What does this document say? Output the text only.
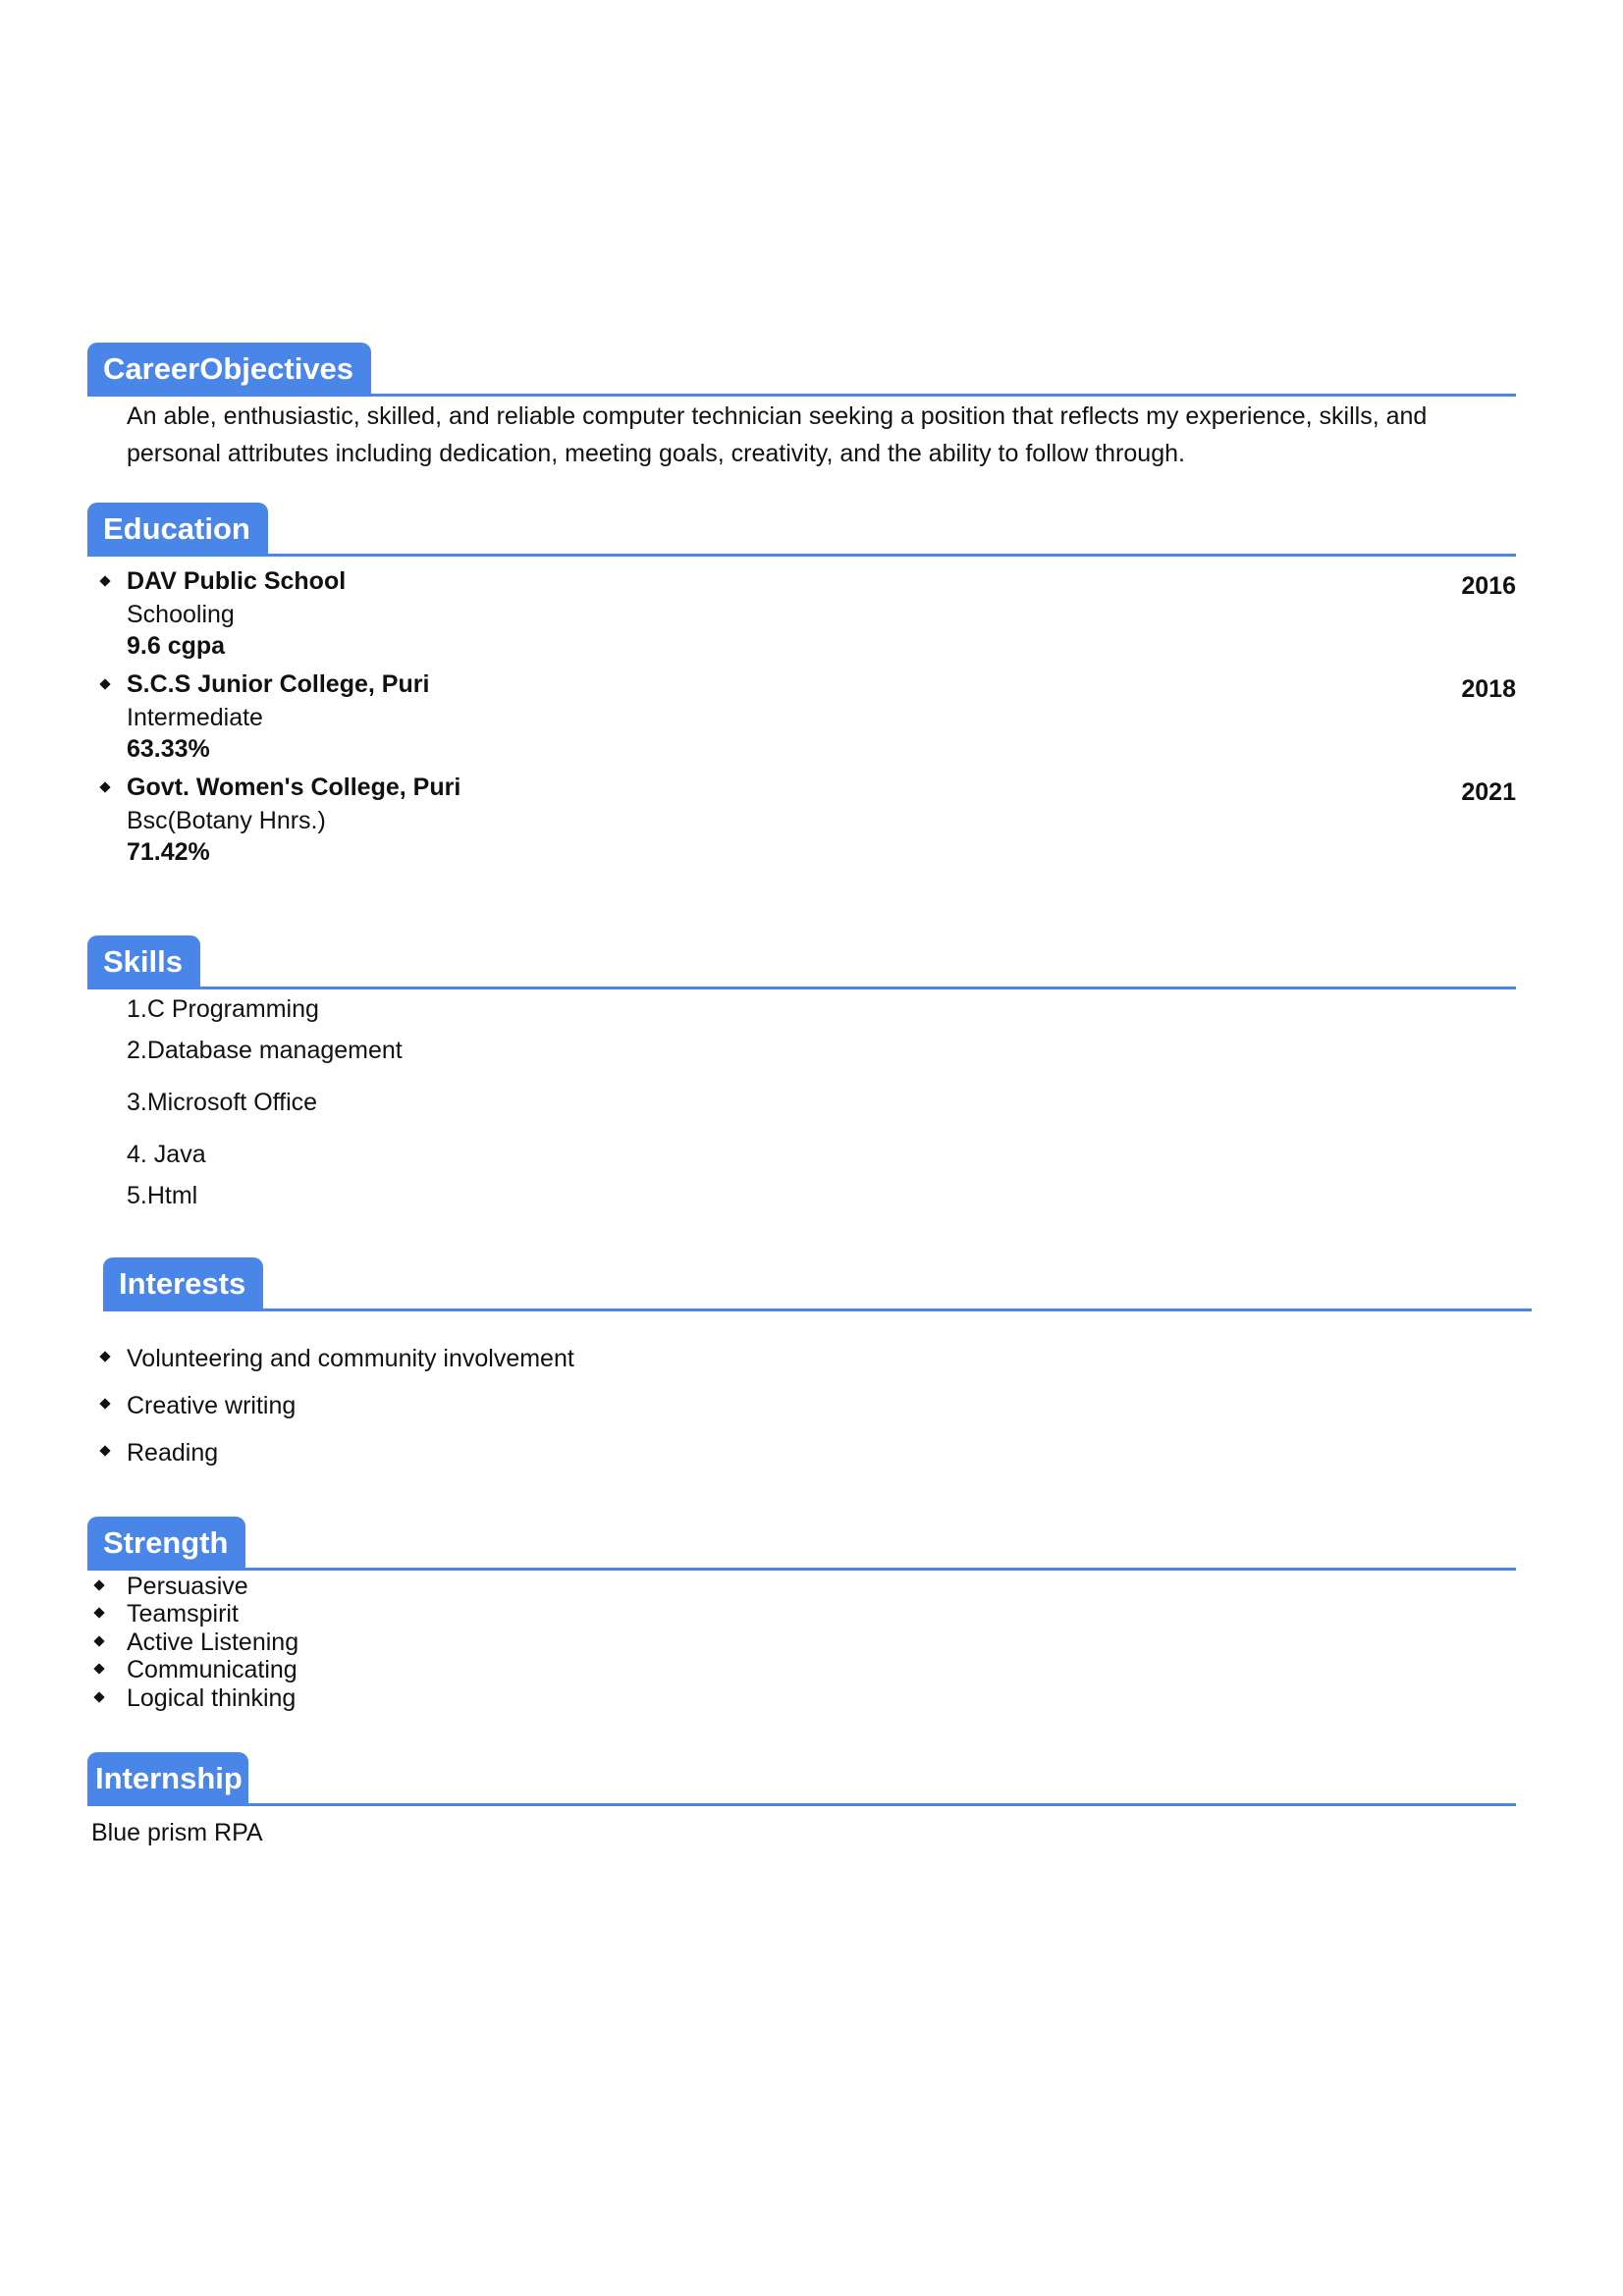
CareerObjectives
An able, enthusiastic, skilled, and reliable computer technician seeking a position that reflects my experience, skills, and
personal attributes including dedication, meeting goals, creativity, and the ability to follow through.
Education
DAV Public School
Schooling
9.6 cgpa
2016
S.C.S Junior College, Puri
Intermediate
63.33%
2018
Govt. Women's College, Puri
Bsc(Botany Hnrs.)
71.42%
2021
Skills
1.C Programming
2.Database management
3.Microsoft Office
4. Java
5.Html
Interests
Volunteering and community involvement
Creative writing
Reading
Strength
Persuasive
Teamspirit
Active Listening
Communicating
Logical thinking
Internship
Blue prism RPA
